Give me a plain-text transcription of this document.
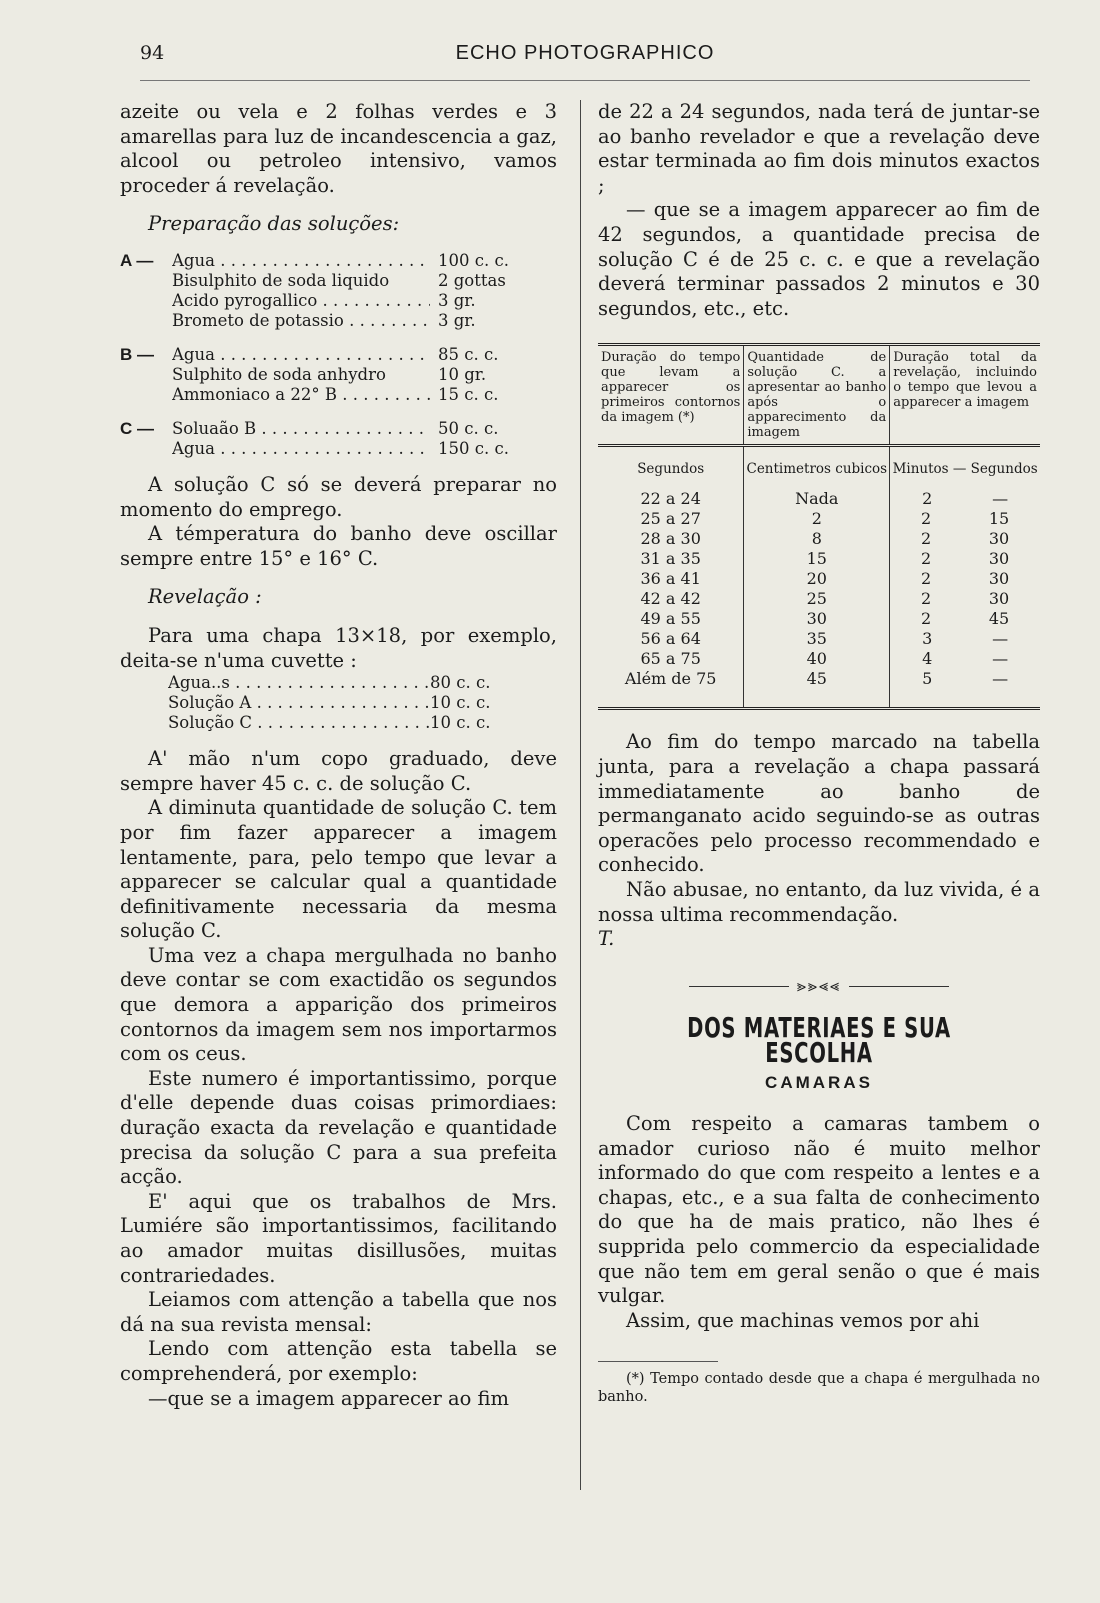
94	ECHO PHOTOGRAPHICO

azeite ou vela e 2 folhas verdes e 3 amarellas para luz de incandescencia a gaz, alcool ou petroleo intensivo, vamos proceder á revelação.

Preparação das soluções:

A —	Agua . . .	100 c. c.
Bisulphito de soda liquido	2 gottas
Acido pyrogallico . . .	3 gr.
Brometo de potassio . . .	3 gr.
B —	Agua . . .	85 c. c.
Sulphito de soda anhydro	10 gr.
Ammoniaco a 22° B . . .	15 c. c.
C —	Soluaão B . . .	50 c. c.
Agua . . .	150 c. c.

A solução C só se deverá preparar no momento do emprego.

A témperatura do banho deve oscillar sempre entre 15° e 16° C.

Revelação :

Para uma chapa 13×18, por exemplo, deita-se n'uma cuvette :

Agua..s . . .	80 c. c.
Solução A . . .	10 c. c.
Solução C . . .	10 c. c.

A' mão n'um copo graduado, deve sempre haver 45 c. c. de solução C.

A diminuta quantidade de solução C. tem por fim fazer apparecer a imagem lentamente, para, pelo tempo que levar a apparecer se calcular qual a quantidade definitivamente necessaria da mesma solução C.

Uma vez a chapa mergulhada no banho deve contar se com exactidão os segundos que demora a apparição dos primeiros contornos da imagem sem nos importarmos com os ceus.

Este numero é importantissimo, porque d'elle depende duas coisas primordiaes: duração exacta da revelação e quantidade precisa da solução C para a sua prefeita acção.

E' aqui que os trabalhos de Mrs. Lumiére são importantissimos, facilitando ao amador muitas disillusões, muitas contrariedades.

Leiamos com attenção a tabella que nos dá na sua revista mensal:

Lendo com attenção esta tabella se comprehenderá, por exemplo:

—que se a imagem apparecer ao fim

de 22 a 24 segundos, nada terá de juntar-se ao banho revelador e que a revelação deve estar terminada ao fim dois minutos exactos ;

— que se a imagem apparecer ao fim de 42 segundos, a quantidade precisa de solução C é de 25 c. c. e que a revelação deverá terminar passados 2 minutos e 30 segundos, etc., etc.

Duração do tempo que levam a apparecer os primeiros contornos da imagem (*)	Quantidade de solução C. a apresentar ao banho após o apparecimento da imagem	Duração total da revelação, incluindo o tempo que levou a apparecer a imagem
Segundos	Centimetros cubicos	Minutos — Segundos
22 a 24	Nada	2 —

25 a 27	2	2 15

28 a 30	8	2 30

31 a 35	15	2 30

36 a 41	20	2 30

42 a 42	25	2 30

49 a 55	30	2 45

56 a 64	35	3 —

65 a 75	40	4 —

Além de 75	45	5 —

Ao fim do tempo marcado na tabella junta, para a revelação a chapa passará immediatamente ao banho de permanganato acido seguindo-se as outras operacões pelo processo recommendado e conhecido.

Não abusae, no entanto, da luz vivida, é a nossa ultima recommendação.

T.

⪢⪢⪡⪡
DOS MATERIAES E SUA ESCOLHA
CAMARAS

Com respeito a camaras tambem o amador curioso não é muito melhor informado do que com respeito a lentes e a chapas, etc., e a sua falta de conhecimento do que ha de mais pratico, não lhes é supprida pelo commercio da especialidade que não tem em geral senão o que é mais vulgar.

Assim, que machinas vemos por ahi

(*) Tempo contado desde que a chapa é mergulhada no banho.
